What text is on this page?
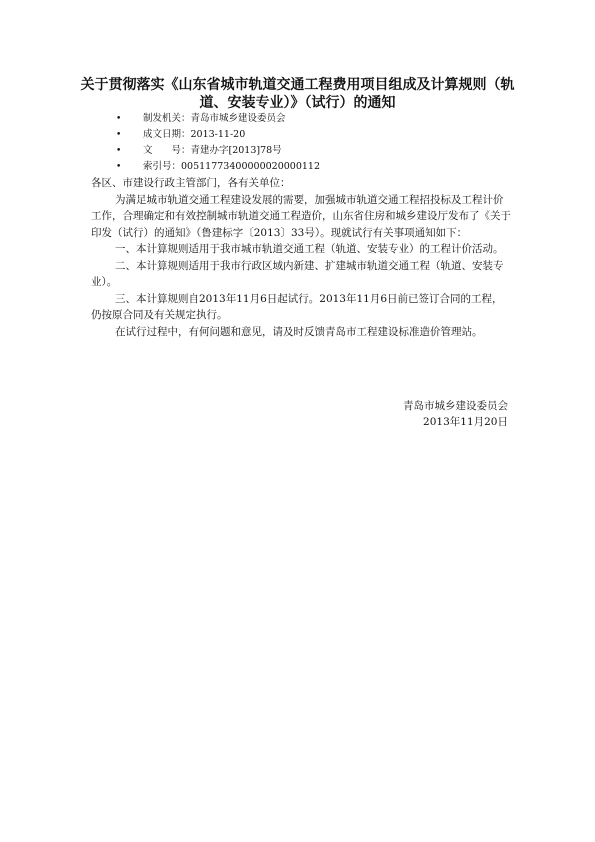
关于贯彻落实《山东省城市轨道交通工程费用项目组成及计算规则（轨道、安装专业）》（试行）的通知
• 制发机关：青岛市城乡建设委员会
• 成文日期：2013-11-20
• 文　　号：青建办字[2013]78号
• 索引号：00511773400000020000112

各区、市建设行政主管部门，各有关单位：

为满足城市轨道交通工程建设发展的需要，加强城市轨道交通工程招投标及工程计价工作，合理确定和有效控制城市轨道交通工程造价，山东省住房和城乡建设厅发布了《关于印发（试行）的通知》（鲁建标字〔2013〕33号）。现就试行有关事项通知如下：

一、本计算规则适用于我市城市轨道交通工程（轨道、安装专业）的工程计价活动。

二、本计算规则适用于我市行政区域内新建、扩建城市轨道交通工程（轨道、安装专业）。

三、本计算规则自2013年11月6日起试行。2013年11月6日前已签订合同的工程，仍按原合同及有关规定执行。

在试行过程中，有何问题和意见，请及时反馈青岛市工程建设标准造价管理站。

青岛市城乡建设委员会
2013年11月20日
